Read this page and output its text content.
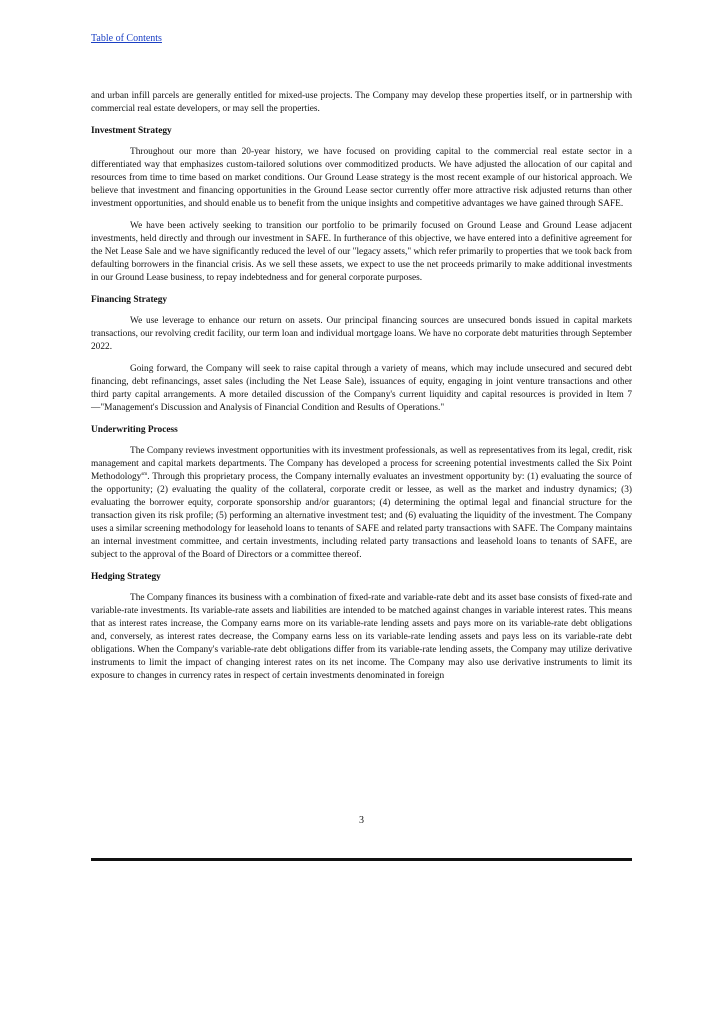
Table of Contents

and urban infill parcels are generally entitled for mixed-use projects. The Company may develop these properties itself, or in partnership with commercial real estate developers, or may sell the properties.

Investment Strategy

Throughout our more than 20-year history, we have focused on providing capital to the commercial real estate sector in a differentiated way that emphasizes custom-tailored solutions over commoditized products. We have adjusted the allocation of our capital and resources from time to time based on market conditions. Our Ground Lease strategy is the most recent example of our historical approach. We believe that investment and financing opportunities in the Ground Lease sector currently offer more attractive risk adjusted returns than other investment opportunities, and should enable us to benefit from the unique insights and competitive advantages we have gained through SAFE.

We have been actively seeking to transition our portfolio to be primarily focused on Ground Lease and Ground Lease adjacent investments, held directly and through our investment in SAFE. In furtherance of this objective, we have entered into a definitive agreement for the Net Lease Sale and we have significantly reduced the level of our "legacy assets," which refer primarily to properties that we took back from defaulting borrowers in the financial crisis. As we sell these assets, we expect to use the net proceeds primarily to make additional investments in our Ground Lease business, to repay indebtedness and for general corporate purposes.

Financing Strategy

We use leverage to enhance our return on assets. Our principal financing sources are unsecured bonds issued in capital markets transactions, our revolving credit facility, our term loan and individual mortgage loans. We have no corporate debt maturities through September 2022.

Going forward, the Company will seek to raise capital through a variety of means, which may include unsecured and secured debt financing, debt refinancings, asset sales (including the Net Lease Sale), issuances of equity, engaging in joint venture transactions and other third party capital arrangements. A more detailed discussion of the Company's current liquidity and capital resources is provided in Item 7—"Management's Discussion and Analysis of Financial Condition and Results of Operations."

Underwriting Process

The Company reviews investment opportunities with its investment professionals, as well as representatives from its legal, credit, risk management and capital markets departments. The Company has developed a process for screening potential investments called the Six Point Methodology$^{sm}$. Through this proprietary process, the Company internally evaluates an investment opportunity by: (1) evaluating the source of the opportunity; (2) evaluating the quality of the collateral, corporate credit or lessee, as well as the market and industry dynamics; (3) evaluating the borrower equity, corporate sponsorship and/or guarantors; (4) determining the optimal legal and financial structure for the transaction given its risk profile; (5) performing an alternative investment test; and (6) evaluating the liquidity of the investment. The Company uses a similar screening methodology for leasehold loans to tenants of SAFE and related party transactions with SAFE. The Company maintains an internal investment committee, and certain investments, including related party transactions and leasehold loans to tenants of SAFE, are subject to the approval of the Board of Directors or a committee thereof.

Hedging Strategy

The Company finances its business with a combination of fixed-rate and variable-rate debt and its asset base consists of fixed-rate and variable-rate investments. Its variable-rate assets and liabilities are intended to be matched against changes in variable interest rates. This means that as interest rates increase, the Company earns more on its variable-rate lending assets and pays more on its variable-rate debt obligations and, conversely, as interest rates decrease, the Company earns less on its variable-rate lending assets and pays less on its variable-rate debt obligations. When the Company's variable-rate debt obligations differ from its variable-rate lending assets, the Company may utilize derivative instruments to limit the impact of changing interest rates on its net income. The Company may also use derivative instruments to limit its exposure to changes in currency rates in respect of certain investments denominated in foreign

3
